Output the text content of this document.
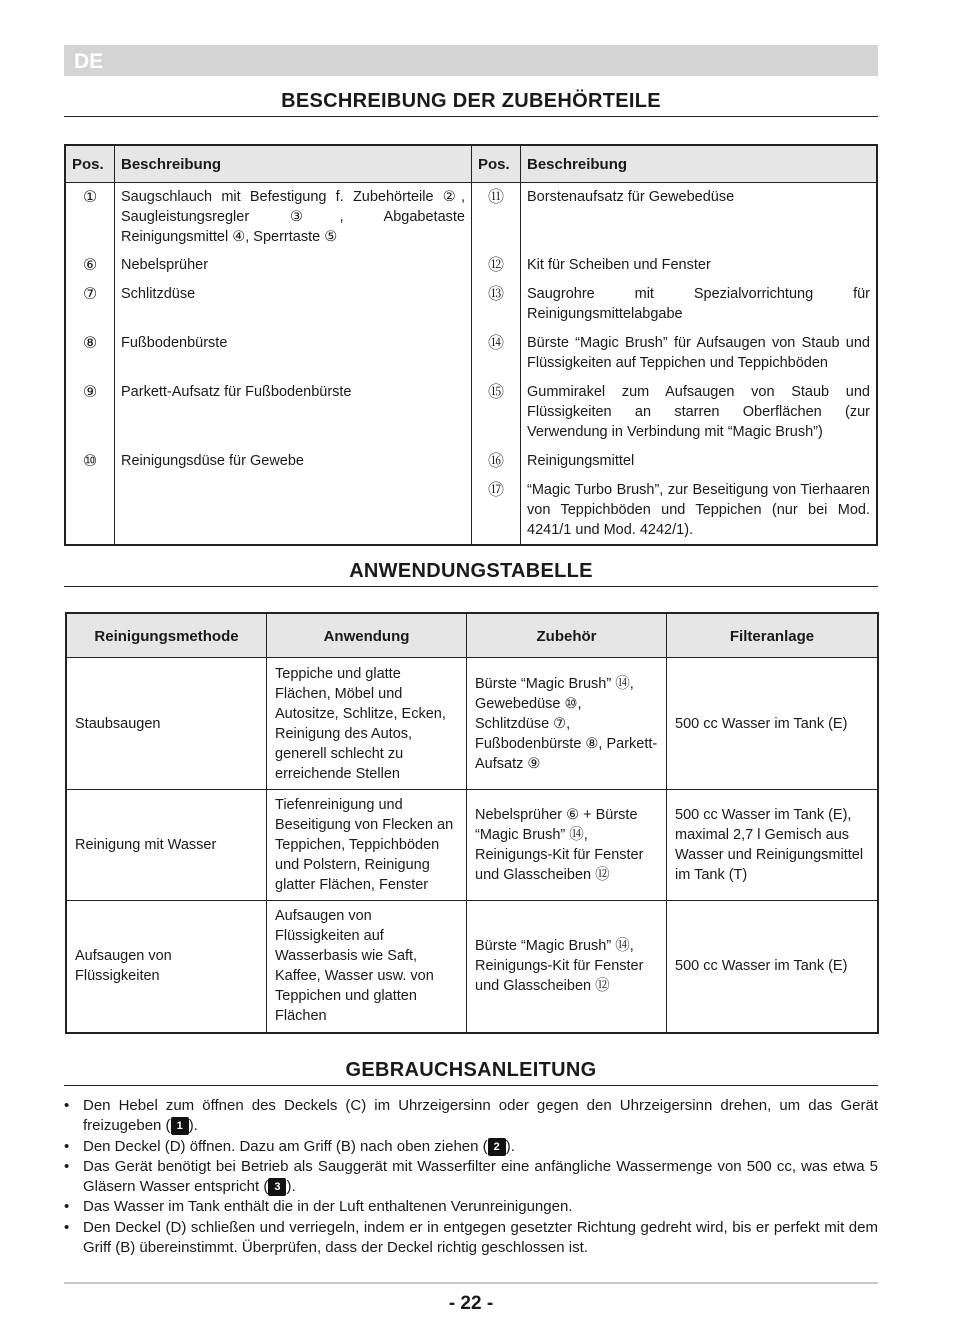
DE
BESCHREIBUNG DER ZUBEHÖRTEILE
Pos.	Beschreibung	Pos.	Beschreibung
①	Saugschlauch mit Befestigung f. Zubehörteile ②, Saugleistungsregler ③, Abgabetaste Reinigungsmittel ④, Sperrtaste ⑤	⑪	Borstenaufsatz für Gewebedüse
⑥	Nebelsprüher	⑫	Kit für Scheiben und Fenster
⑦	Schlitzdüse	⑬	Saugrohre mit Spezialvorrichtung für Reinigungsmittelabgabe
⑧	Fußbodenbürste	⑭	Bürste “Magic Brush” für Aufsaugen von Staub und Flüssigkeiten auf Teppichen und Teppichböden
⑨	Parkett-Aufsatz für Fußbodenbürste	⑮	Gummirakel zum Aufsaugen von Staub und Flüssigkeiten an starren Oberflächen (zur Verwendung in Verbindung mit “Magic Brush”)
⑩	Reinigungsdüse für Gewebe	⑯	Reinigungsmittel
		⑰	“Magic Turbo Brush”, zur Beseitigung von Tierhaaren von Teppichböden und Teppichen (nur bei Mod. 4241/1 und Mod. 4242/1).
ANWENDUNGSTABELLE
Reinigungsmethode	Anwendung	Zubehör	Filteranlage
Staubsaugen	Teppiche und glatte Flächen, Möbel und Autositze, Schlitze, Ecken, Reinigung des Autos, generell schlecht zu erreichende Stellen	Bürste “Magic Brush” ⑭, Gewebedüse ⑩, Schlitzdüse ⑦, Fußbodenbürste ⑧, Parkett-Aufsatz ⑨	500 cc Wasser im Tank (E)
Reinigung mit Wasser	Tiefenreinigung und Beseitigung von Flecken an Teppichen, Teppichböden und Polstern, Reinigung glatter Flächen, Fenster	Nebelsprüher ⑥ + Bürste “Magic Brush” ⑭, Reinigungs-Kit für Fenster und Glasscheiben ⑫	500 cc Wasser im Tank (E), maximal 2,7 l Gemisch aus Wasser und Reinigungsmittel im Tank (T)
Aufsaugen von Flüssigkeiten	Aufsaugen von Flüssigkeiten auf Wasserbasis wie Saft, Kaffee, Wasser usw. von Teppichen und glatten Flächen	Bürste “Magic Brush” ⑭, Reinigungs-Kit für Fenster und Glasscheiben ⑫	500 cc Wasser im Tank (E)
GEBRAUCHSANLEITUNG
• Den Hebel zum öffnen des Deckels (C) im Uhrzeigersinn oder gegen den Uhrzeigersinn drehen, um das Gerät freizugeben ( 1 ).
• Den Deckel (D) öffnen. Dazu am Griff (B) nach oben ziehen ( 2 ).
• Das Gerät benötigt bei Betrieb als Sauggerät mit Wasserfilter eine anfängliche Wassermenge von 500 cc, was etwa 5 Gläsern Wasser entspricht ( 3 ).
• Das Wasser im Tank enthält die in der Luft enthaltenen Verunreinigungen.
• Den Deckel (D) schließen und verriegeln, indem er in entgegen gesetzter Richtung gedreht wird, bis er perfekt mit dem Griff (B) übereinstimmt. Überprüfen, dass der Deckel richtig geschlossen ist.
- 22 -
